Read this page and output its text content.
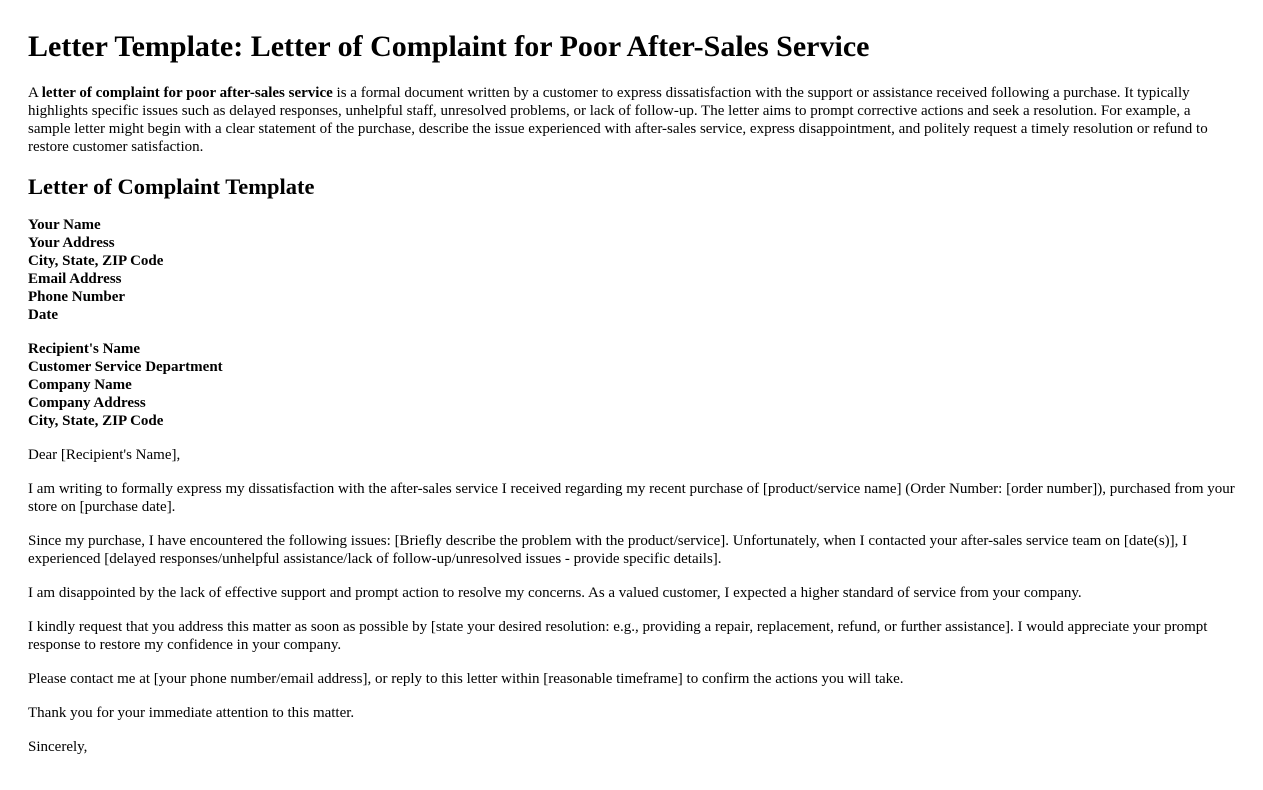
Letter Template: Letter of Complaint for Poor After-Sales Service

A letter of complaint for poor after-sales service is a formal document written by a customer to express dissatisfaction with the support or assistance received following a purchase. It typically highlights specific issues such as delayed responses, unhelpful staff, unresolved problems, or lack of follow-up. The letter aims to prompt corrective actions and seek a resolution. For example, a sample letter might begin with a clear statement of the purchase, describe the issue experienced with after-sales service, express disappointment, and politely request a timely resolution or refund to restore customer satisfaction.

Letter of Complaint Template
Your Name
Your Address
City, State, ZIP Code
Email Address
Phone Number
Date
Recipient's Name
Customer Service Department
Company Name
Company Address
City, State, ZIP Code

Dear [Recipient's Name],

I am writing to formally express my dissatisfaction with the after-sales service I received regarding my recent purchase of [product/service name] (Order Number: [order number]), purchased from your store on [purchase date].

Since my purchase, I have encountered the following issues: [Briefly describe the problem with the product/service]. Unfortunately, when I contacted your after-sales service team on [date(s)], I experienced [delayed responses/unhelpful assistance/lack of follow-up/unresolved issues - provide specific details].

I am disappointed by the lack of effective support and prompt action to resolve my concerns. As a valued customer, I expected a higher standard of service from your company.

I kindly request that you address this matter as soon as possible by [state your desired resolution: e.g., providing a repair, replacement, refund, or further assistance]. I would appreciate your prompt response to restore my confidence in your company.

Please contact me at [your phone number/email address], or reply to this letter within [reasonable timeframe] to confirm the actions you will take.

Thank you for your immediate attention to this matter.

Sincerely,
